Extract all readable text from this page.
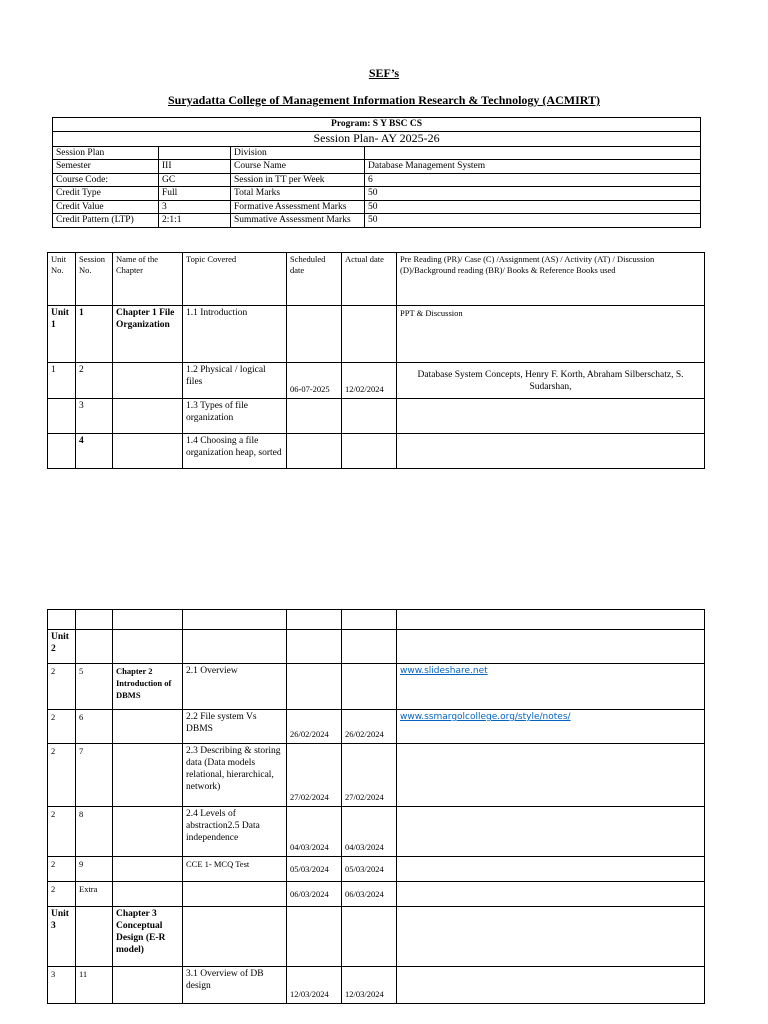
SEF’s
Suryadatta College of Management Information Research & Technology (ACMIRT)
Program: S Y BSC CS			
Session Plan- AY 2025-26			
Session Plan		Division	
Semester	III	Course Name	Database Management System
Course Code:	GC	Session in TT per Week	6
Credit Type	Full	Total Marks	50
Credit Value	3	Formative Assessment Marks	50
Credit Pattern (LTP)	2:1:1	Summative Assessment Marks	50
Unit No.	Session No.	Name of the Chapter	Topic Covered	Scheduled date	Actual date	Pre Reading (PR)/ Case (C) /Assignment (AS) / Activity (AT) / Discussion (D)/Background reading (BR)/ Books & Reference Books used
Unit 1	1	Chapter 1 File Organization	1.1 Introduction			PPT & Discussion
1	2		1.2 Physical / logical files	06-07-2025	12/02/2024	Database System Concepts, Henry F. Korth, Abraham Silberschatz, S. Sudarshan,
	3		1.3 Types of file organization			
	4		1.4 Choosing a file organization heap, sorted			

Unit 2						
2	5	Chapter 2 Introduction of DBMS	2.1 Overview			www.slideshare.net
2	6		2.2 File system Vs DBMS	26/02/2024	26/02/2024	www.ssmargolcollege.org/style/notes/
2	7		2.3 Describing & storing data (Data models relational, hierarchical, network)	27/02/2024	27/02/2024	
2	8		2.4 Levels of abstraction2.5 Data independence	04/03/2024	04/03/2024	
2	9		CCE 1- MCQ Test	05/03/2024	05/03/2024	
2	Extra			06/03/2024	06/03/2024	
Unit 3		Chapter 3 Conceptual Design (E-R model)				
3	11		3.1 Overview of DB design	12/03/2024	12/03/2024	
